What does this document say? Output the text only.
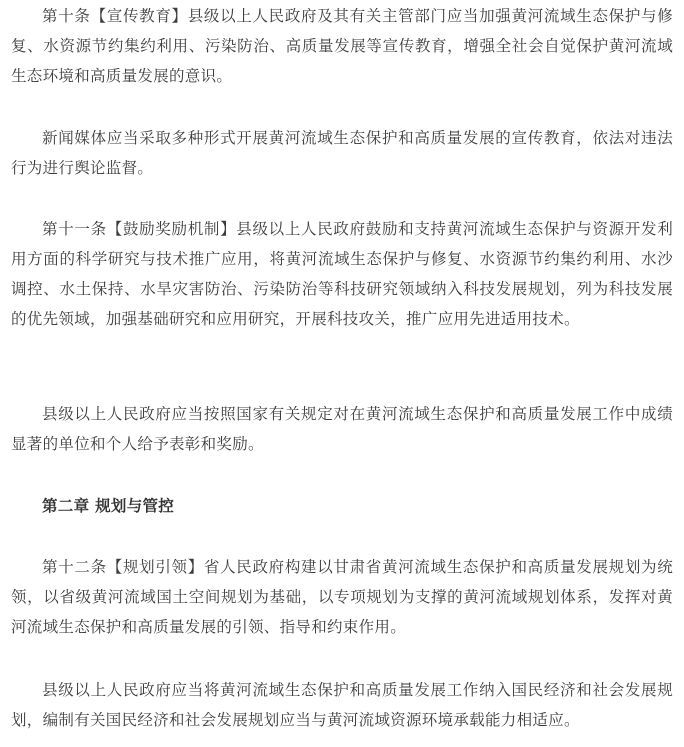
第十条【宣传教育】县级以上人民政府及其有关主管部门应当加强黄河流域生态保护与修复、水资源节约集约利用、污染防治、高质量发展等宣传教育，增强全社会自觉保护黄河流域生态环境和高质量发展的意识。

新闻媒体应当采取多种形式开展黄河流域生态保护和高质量发展的宣传教育，依法对违法行为进行舆论监督。

第十一条【鼓励奖励机制】县级以上人民政府鼓励和支持黄河流域生态保护与资源开发利用方面的科学研究与技术推广应用，将黄河流域生态保护与修复、水资源节约集约利用、水沙调控、水土保持、水旱灾害防治、污染防治等科技研究领域纳入科技发展规划，列为科技发展的优先领域，加强基础研究和应用研究，开展科技攻关，推广应用先进适用技术。

县级以上人民政府应当按照国家有关规定对在黄河流域生态保护和高质量发展工作中成绩显著的单位和个人给予表彰和奖励。

第二章 规划与管控

第十二条【规划引领】省人民政府构建以甘肃省黄河流域生态保护和高质量发展规划为统领，以省级黄河流域国土空间规划为基础，以专项规划为支撑的黄河流域规划体系，发挥对黄河流域生态保护和高质量发展的引领、指导和约束作用。

县级以上人民政府应当将黄河流域生态保护和高质量发展工作纳入国民经济和社会发展规划，编制有关国民经济和社会发展规划应当与黄河流域资源环境承载能力相适应。
